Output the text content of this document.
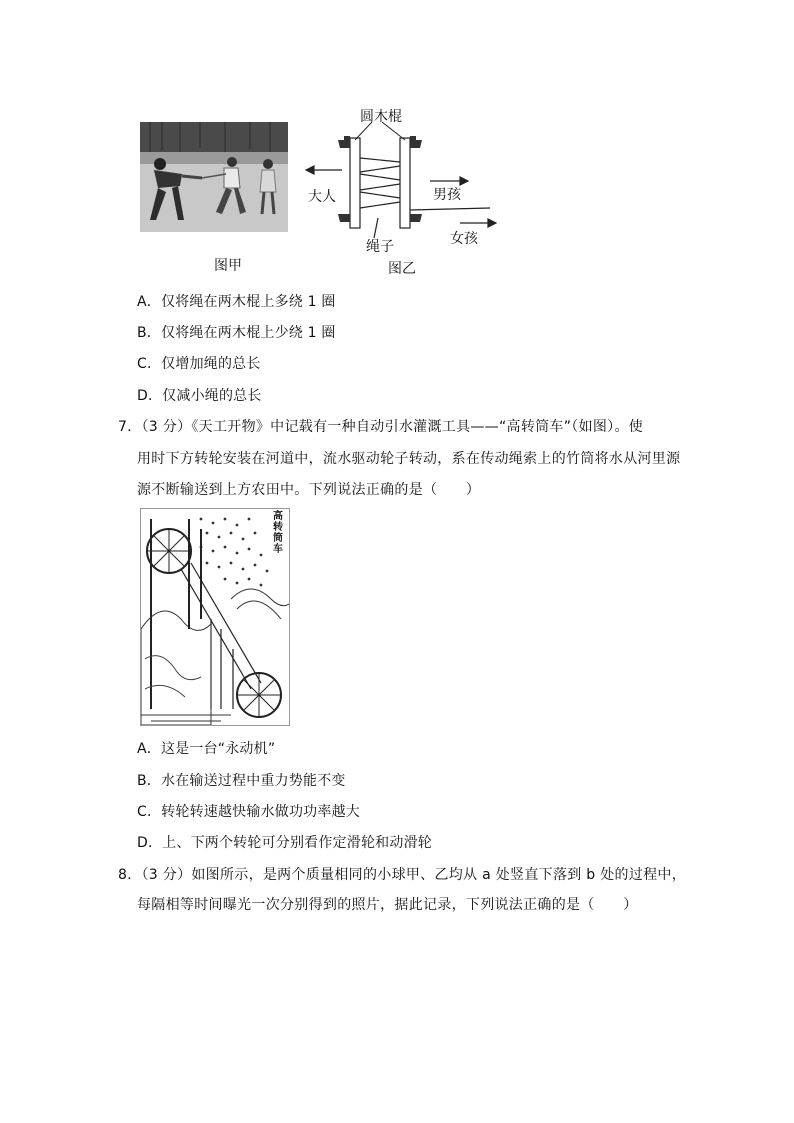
图甲
圆木棍
大人	男孩
女孩
绳子
图乙
A．仅将绳在两木棍上多绕 1 圈
B．仅将绳在两木棍上少绕 1 圈
C．仅增加绳的总长
D．仅减小绳的总长
7．（3 分）《天工开物》中记载有一种自动引水灌溉工具——“高转筒车”（如图）。使
用时下方转轮安装在河道中，流水驱动轮子转动，系在传动绳索上的竹筒将水从河里源
源不断输送到上方农田中。下列说法正确的是（　　）
高转筒车
A．这是一台“永动机”
B．水在输送过程中重力势能不变
C．转轮转速越快输水做功功率越大
D．上、下两个转轮可分别看作定滑轮和动滑轮
8．（3 分）如图所示，是两个质量相同的小球甲、乙均从 a 处竖直下落到 b 处的过程中，
每隔相等时间曝光一次分别得到的照片，据此记录，下列说法正确的是（　　）
